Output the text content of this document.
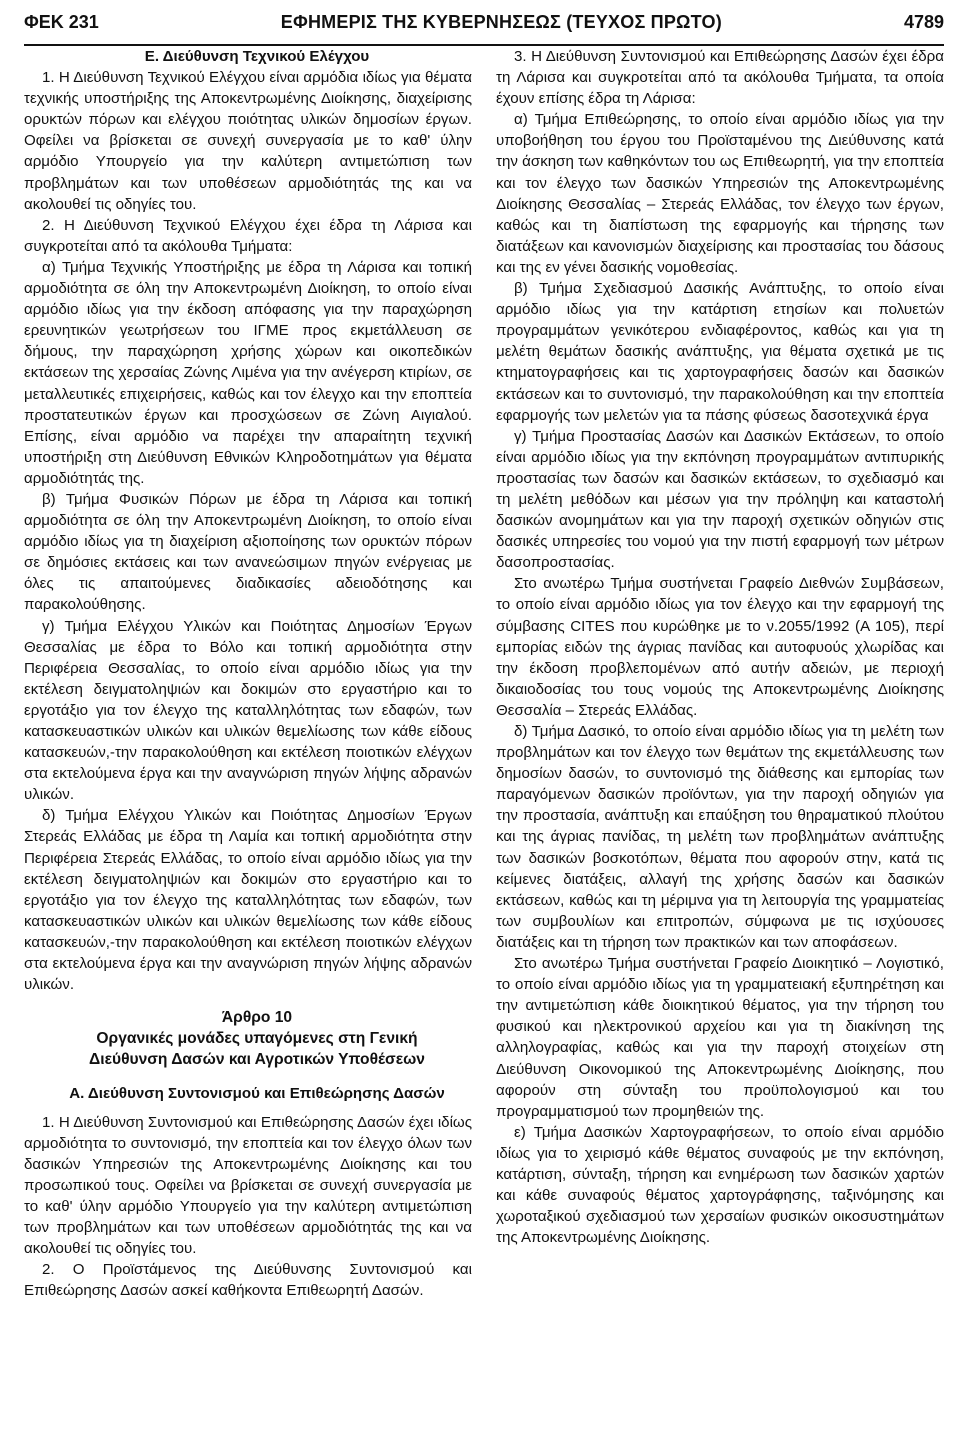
ΦΕΚ 231	ΕΦΗΜΕΡΙΣ ΤΗΣ ΚΥΒΕΡΝΗΣΕΩΣ (ΤΕΥΧΟΣ ΠΡΩΤΟ)	4789

Ε. Διεύθυνση Τεχνικού Ελέγχου

1. Η Διεύθυνση Τεχνικού Ελέγχου είναι αρμόδια ιδίως για θέματα τεχνικής υποστήριξης της Αποκεντρωμένης Διοίκησης, διαχείρισης ορυκτών πόρων και ελέγχου ποιότητας υλικών δημοσίων έργων. Οφείλει να βρίσκεται σε συνεχή συνεργασία με το καθ' ύλην αρμόδιο Υπουργείο για την καλύτερη αντιμετώπιση των προβλημάτων και των υποθέσεων αρμοδιότητάς της και να ακολουθεί τις οδηγίες του.

2. Η Διεύθυνση Τεχνικού Ελέγχου έχει έδρα τη Λάρισα και συγκροτείται από τα ακόλουθα Τμήματα:

α) Τμήμα Τεχνικής Υποστήριξης με έδρα τη Λάρισα και τοπική αρμοδιότητα σε όλη την Αποκεντρωμένη Διοίκηση, το οποίο είναι αρμόδιο ιδίως για την έκδοση απόφασης για την παραχώρηση ερευνητικών γεωτρήσεων του ΙΓΜΕ προς εκμετάλλευση σε δήμους, την παραχώρηση χρήσης χώρων και οικοπεδικών εκτάσεων της χερσαίας Ζώνης Λιμένα για την ανέγερση κτιρίων, σε μεταλλευτικές επιχειρήσεις, καθώς και τον έλεγχο και την εποπτεία προστατευτικών έργων και προσχώσεων σε Ζώνη Αιγιαλού. Επίσης, είναι αρμόδιο να παρέχει την απαραίτητη τεχνική υποστήριξη στη Διεύθυνση Εθνικών Κληροδοτημάτων για θέματα αρμοδιότητάς της.

β) Τμήμα Φυσικών Πόρων με έδρα τη Λάρισα και τοπική αρμοδιότητα σε όλη την Αποκεντρωμένη Διοίκηση, το οποίο είναι αρμόδιο ιδίως για τη διαχείριση αξιοποίησης των ορυκτών πόρων σε δημόσιες εκτάσεις και των ανανεώσιμων πηγών ενέργειας με όλες τις απαιτούμενες διαδικασίες αδειοδότησης και παρακολούθησης.

γ) Τμήμα Ελέγχου Υλικών και Ποιότητας Δημοσίων Έργων Θεσσαλίας με έδρα το Βόλο και τοπική αρμοδιότητα στην Περιφέρεια Θεσσαλίας, το οποίο είναι αρμόδιο ιδίως για την εκτέλεση δειγματοληψιών και δοκιμών στο εργαστήριο και το εργοτάξιο για τον έλεγχο της καταλληλότητας των εδαφών, των κατασκευαστικών υλικών και υλικών θεμελίωσης των κάθε είδους κατασκευών,-την παρακολούθηση και εκτέλεση ποιοτικών ελέγχων στα εκτελούμενα έργα και την αναγνώριση πηγών λήψης αδρανών υλικών.

δ) Τμήμα Ελέγχου Υλικών και Ποιότητας Δημοσίων Έργων Στερεάς Ελλάδας με έδρα τη Λαμία και τοπική αρμοδιότητα στην Περιφέρεια Στερεάς Ελλάδας, το οποίο είναι αρμόδιο ιδίως για την εκτέλεση δειγματοληψιών και δοκιμών στο εργαστήριο και το εργοτάξιο για τον έλεγχο της καταλληλότητας των εδαφών, των κατασκευαστικών υλικών και υλικών θεμελίωσης των κάθε είδους κατασκευών,-την παρακολούθηση και εκτέλεση ποιοτικών ελέγχων στα εκτελούμενα έργα και την αναγνώριση πηγών λήψης αδρανών υλικών.

Άρθρο 10

Οργανικές μονάδες υπαγόμενες στη Γενική

Διεύθυνση Δασών και Αγροτικών Υποθέσεων

Α. Διεύθυνση Συντονισμού και Επιθεώρησης Δασών

1. Η Διεύθυνση Συντονισμού και Επιθεώρησης Δασών έχει ιδίως αρμοδιότητα το συντονισμό, την εποπτεία και τον έλεγχο όλων των δασικών Υπηρεσιών της Αποκεντρωμένης Διοίκησης και του προσωπικού τους. Οφείλει να βρίσκεται σε συνεχή συνεργασία με το καθ' ύλην αρμόδιο Υπουργείο για την καλύτερη αντιμετώπιση των προβλημάτων και των υποθέσεων αρμοδιότητάς της και να ακολουθεί τις οδηγίες του.

2. Ο Προϊστάμενος της Διεύθυνσης Συντονισμού και Επιθεώρησης Δασών ασκεί καθήκοντα Επιθεωρητή Δασών.

3. Η Διεύθυνση Συντονισμού και Επιθεώρησης Δασών έχει έδρα τη Λάρισα και συγκροτείται από τα ακόλουθα Τμήματα, τα οποία έχουν επίσης έδρα τη Λάρισα:

α) Τμήμα Επιθεώρησης, το οποίο είναι αρμόδιο ιδίως για την υποβοήθηση του έργου του Προϊσταμένου της Διεύθυνσης κατά την άσκηση των καθηκόντων του ως Επιθεωρητή, για την εποπτεία και τον έλεγχο των δασικών Υπηρεσιών της Αποκεντρωμένης Διοίκησης Θεσσαλίας – Στερεάς Ελλάδας, τον έλεγχο των έργων, καθώς και τη διαπίστωση της εφαρμογής και τήρησης των διατάξεων και κανονισμών διαχείρισης και προστασίας του δάσους και της εν γένει δασικής νομοθεσίας.

β) Τμήμα Σχεδιασμού Δασικής Ανάπτυξης, το οποίο είναι αρμόδιο ιδίως για την κατάρτιση ετησίων και πολυετών προγραμμάτων γενικότερου ενδιαφέροντος, καθώς και για τη μελέτη θεμάτων δασικής ανάπτυξης, για θέματα σχετικά με τις κτηματογραφήσεις και τις χαρτογραφήσεις δασών και δασικών εκτάσεων και το συντονισμό, την παρακολούθηση και την εποπτεία εφαρμογής των μελετών για τα πάσης φύσεως δασοτεχνικά έργα

γ) Τμήμα Προστασίας Δασών και Δασικών Εκτάσεων, το οποίο είναι αρμόδιο ιδίως για την εκπόνηση προγραμμάτων αντιπυρικής προστασίας των δασών και δασικών εκτάσεων, το σχεδιασμό και τη μελέτη μεθόδων και μέσων για την πρόληψη και καταστολή δασικών ανομημάτων και για την παροχή σχετικών οδηγιών στις δασικές υπηρεσίες του νομού για την πιστή εφαρμογή των μέτρων δασοπροστασίας.

Στο ανωτέρω Τμήμα συστήνεται Γραφείο Διεθνών Συμβάσεων, το οποίο είναι αρμόδιο ιδίως για τον έλεγχο και την εφαρμογή της σύμβασης CITES που κυρώθηκε με το ν.2055/1992 (Α 105), περί εμπορίας ειδών της άγριας πανίδας και αυτοφυούς χλωρίδας και την έκδοση προβλεπομένων από αυτήν αδειών, με περιοχή δικαιοδοσίας του τους νομούς της Αποκεντρωμένης Διοίκησης Θεσσαλία – Στερεάς Ελλάδας.

δ) Τμήμα Δασικό, το οποίο είναι αρμόδιο ιδίως για τη μελέτη των προβλημάτων και τον έλεγχο των θεμάτων της εκμετάλλευσης των δημοσίων δασών, το συντονισμό της διάθεσης και εμπορίας των παραγόμενων δασικών προϊόντων, για την παροχή οδηγιών για την προστασία, ανάπτυξη και επαύξηση του θηραματικού πλούτου και της άγριας πανίδας, τη μελέτη των προβλημάτων ανάπτυξης των δασικών βοσκοτόπων, θέματα που αφορούν στην, κατά τις κείμενες διατάξεις, αλλαγή της χρήσης δασών και δασικών εκτάσεων, καθώς και τη μέριμνα για τη λειτουργία της γραμματείας των συμβουλίων και επιτροπών, σύμφωνα με τις ισχύουσες διατάξεις και τη τήρηση των πρακτικών και των αποφάσεων.

Στο ανωτέρω Τμήμα συστήνεται Γραφείο Διοικητικό – Λογιστικό, το οποίο είναι αρμόδιο ιδίως για τη γραμματειακή εξυπηρέτηση και την αντιμετώπιση κάθε διοικητικού θέματος, για την τήρηση του φυσικού και ηλεκτρονικού αρχείου και για τη διακίνηση της αλληλογραφίας, καθώς και για την παροχή στοιχείων στη Διεύθυνση Οικονομικού της Αποκεντρωμένης Διοίκησης, που αφορούν στη σύνταξη του προϋπολογισμού και του προγραμματισμού των προμηθειών της.

ε) Τμήμα Δασικών Χαρτογραφήσεων, το οποίο είναι αρμόδιο ιδίως για το χειρισμό κάθε θέματος συναφούς με την εκπόνηση, κατάρτιση, σύνταξη, τήρηση και ενημέρωση των δασικών χαρτών και κάθε συναφούς θέματος χαρτογράφησης, ταξινόμησης και χωροταξικού σχεδιασμού των χερσαίων φυσικών οικοσυστημάτων της Αποκεντρωμένης Διοίκησης.
